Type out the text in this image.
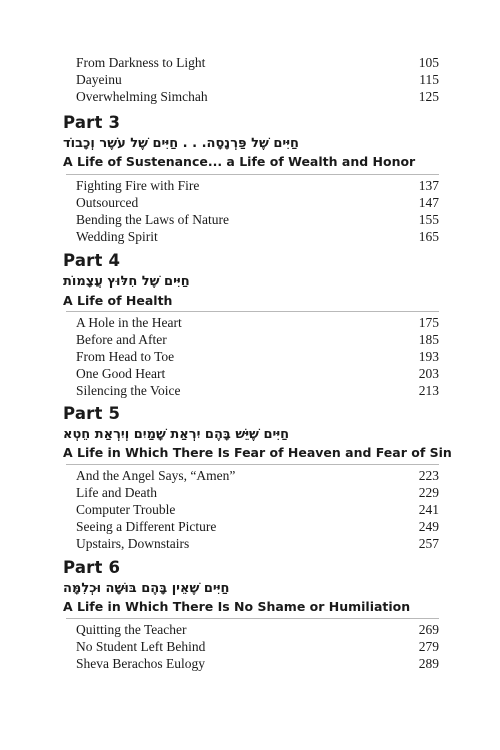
From Darkness to Light	105
Dayeinu	115
Overwhelming Simchah	125
Part 3
חַיִּים שֶׁל פַּרְנָסָה. . . חַיִּים שֶׁל עֹשֶׁר וְכָבוֹד
A Life of Sustenance... a Life of Wealth and Honor
Fighting Fire with Fire	137
Outsourced	147
Bending the Laws of Nature	155
Wedding Spirit	165
Part 4
חַיִּים שֶׁל חִלּוּץ עֲצָמוֹת
A Life of Health
A Hole in the Heart	175
Before and After	185
From Head to Toe	193
One Good Heart	203
Silencing the Voice	213
Part 5
חַיִּים שֶׁיֵּשׁ בָּהֶם יִרְאַת שָׁמַיִם וְיִרְאַת חֵטְא
A Life in Which There Is Fear of Heaven and Fear of Sin
And the Angel Says, “Amen”	223
Life and Death	229
Computer Trouble	241
Seeing a Different Picture	249
Upstairs, Downstairs	257
Part 6
חַיִּים שֶׁאֵין בָּהֶם בּוּשָׁה וּכְלִמָּה
A Life in Which There Is No Shame or Humiliation
Quitting the Teacher	269
No Student Left Behind	279
Sheva Berachos Eulogy	289
